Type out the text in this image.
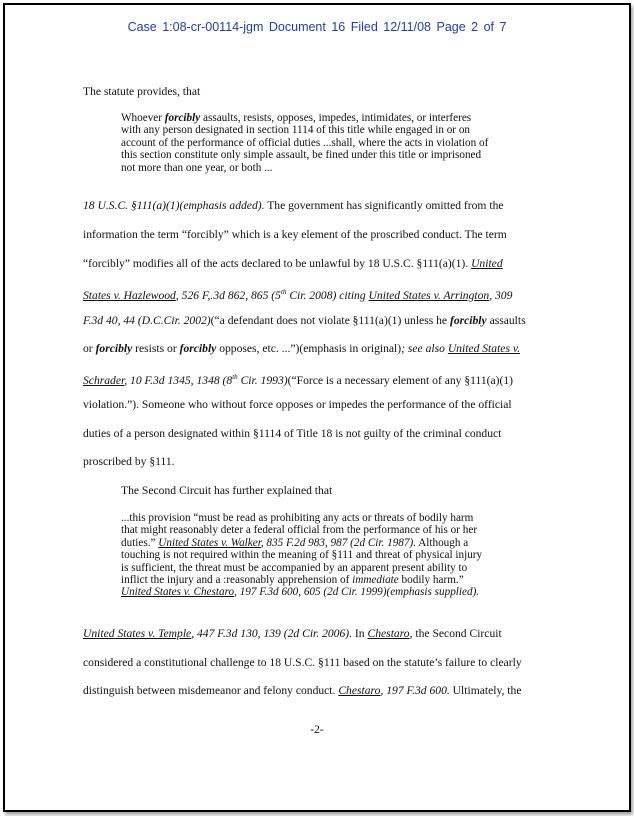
Case 1:08-cr-00114-jgm Document 16 Filed 12/11/08 Page 2 of 7

The statute provides, that

Whoever forcibly assaults, resists, opposes, impedes, intimidates, or interferes
with any person designated in section 1114 of this title while engaged in or on
account of the performance of official duties ...shall, where the acts in violation of
this section constitute only simple assault, be fined under this title or imprisoned
not more than one year, or both ...

18 U.S.C. §111(a)(1)(emphasis added). The government has significantly omitted from the

information the term “forcibly” which is a key element of the proscribed conduct. The term

“forcibly” modifies all of the acts declared to be unlawful by 18 U.S.C. §111(a)(1). United

States v. Hazlewood, 526 F,.3d 862, 865 (5th Cir. 2008) citing United States v. Arrington, 309

F.3d 40, 44 (D.C.Cir. 2002)(“a defendant does not violate §111(a)(1) unless he forcibly assaults

or forcibly resists or forcibly opposes, etc. ...”)(emphasis in original); see also United States v.

Schrader, 10 F.3d 1345, 1348 (8th Cir. 1993)(“Force is a necessary element of any §111(a)(1)

violation.”). Someone who without force opposes or impedes the performance of the official

duties of a person designated within §1114 of Title 18 is not guilty of the criminal conduct

proscribed by §111.

The Second Circuit has further explained that

...this provision “must be read as prohibiting any acts or threats of bodily harm
that might reasonably deter a federal official from the performance of his or her
duties.” United States v. Walker, 835 F.2d 983, 987 (2d Cir. 1987). Although a
touching is not required within the meaning of §111 and threat of physical injury
is sufficient, the threat must be accompanied by an apparent present ability to
inflict the injury and a :reasonably apprehension of immediate bodily harm.”
United States v. Chestaro, 197 F.3d 600, 605 (2d Cir. 1999)(emphasis supplied).

United States v. Temple, 447 F.3d 130, 139 (2d Cir. 2006). In Chestaro, the Second Circuit

considered a constitutional challenge to 18 U.S.C. §111 based on the statute’s failure to clearly

distinguish between misdemeanor and felony conduct. Chestaro, 197 F.3d 600. Ultimately, the

-2-
